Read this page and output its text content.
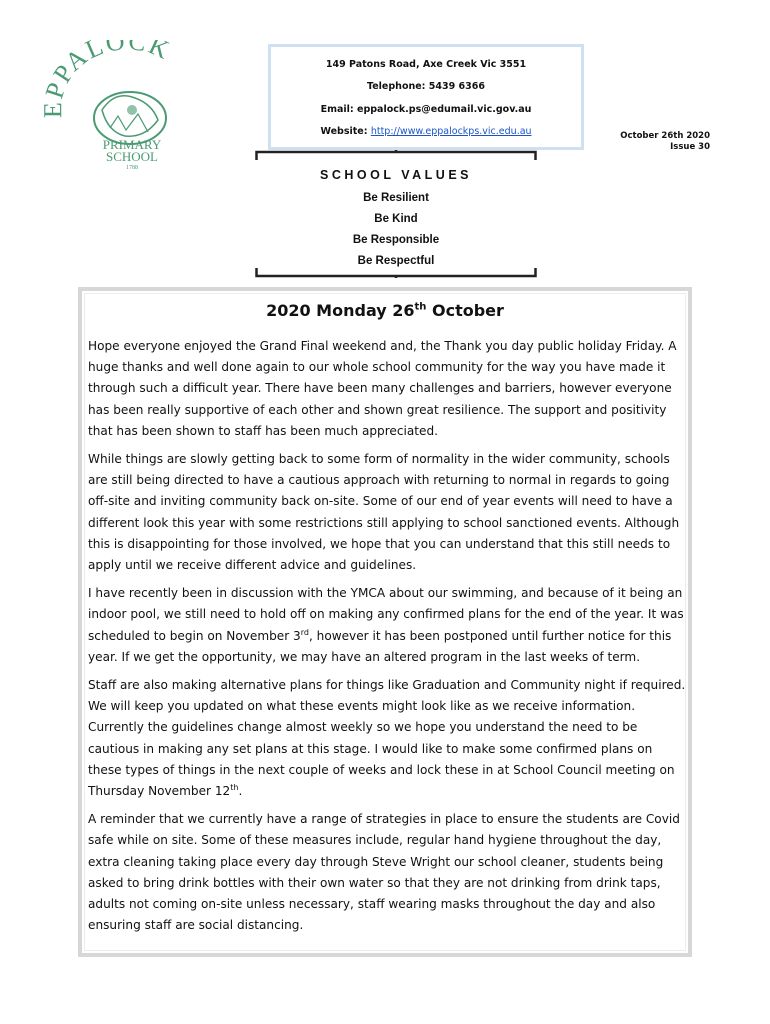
EPPALOCK
PRIMARY
SCHOOL
1788
149 Patons Road, Axe Creek Vic 3551
Telephone: 5439 6366
Email: eppalock.ps@edumail.vic.gov.au
Website: http://www.eppalockps.vic.edu.au	October 26th 2020
Issue 30
SCHOOL VALUES
Be Resilient
Be Kind
Be Responsible
Be Respectful
2020 Monday 26th October

Hope everyone enjoyed the Grand Final weekend and, the Thank you day public holiday Friday. A huge thanks and well done again to our whole school community for the way you have made it through such a difficult year. There have been many challenges and barriers, however everyone has been really supportive of each other and shown great resilience. The support and positivity that has been shown to staff has been much appreciated.

While things are slowly getting back to some form of normality in the wider community, schools are still being directed to have a cautious approach with returning to normal in regards to going off-site and inviting community back on-site. Some of our end of year events will need to have a different look this year with some restrictions still applying to school sanctioned events. Although this is disappointing for those involved, we hope that you can understand that this still needs to apply until we receive different advice and guidelines.

I have recently been in discussion with the YMCA about our swimming, and because of it being an indoor pool, we still need to hold off on making any confirmed plans for the end of the year. It was scheduled to begin on November 3rd, however it has been postponed until further notice for this year. If we get the opportunity, we may have an altered program in the last weeks of term.

Staff are also making alternative plans for things like Graduation and Community night if required. We will keep you updated on what these events might look like as we receive information. Currently the guidelines change almost weekly so we hope you understand the need to be cautious in making any set plans at this stage. I would like to make some confirmed plans on these types of things in the next couple of weeks and lock these in at School Council meeting on Thursday November 12th.

A reminder that we currently have a range of strategies in place to ensure the students are Covid safe while on site. Some of these measures include, regular hand hygiene throughout the day, extra cleaning taking place every day through Steve Wright our school cleaner, students being asked to bring drink bottles with their own water so that they are not drinking from drink taps, adults not coming on-site unless necessary, staff wearing masks throughout the day and also ensuring staff are social distancing.
